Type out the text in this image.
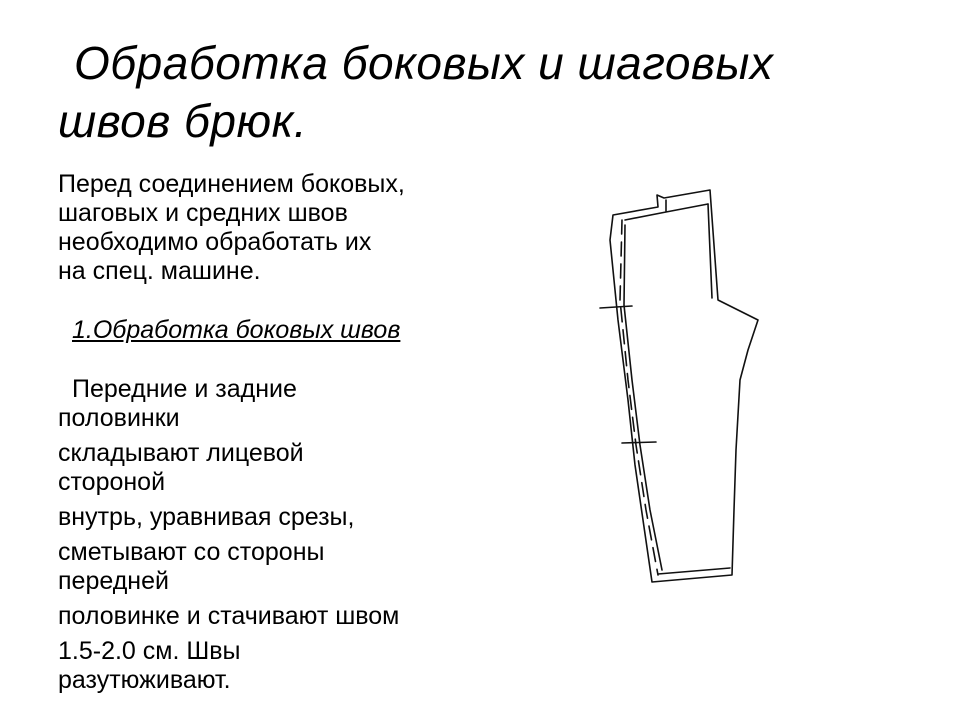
Обработка боковых и шаговых
швов брюк.

Перед соединением боковых,
шаговых и средних швов
необходимо обработать их
на спец. машине.

1.Обработка боковых швов

Передние и задние
половинки

складывают лицевой
стороной

внутрь, уравнивая срезы,

сметывают со стороны
передней

половинке и стачивают швом

1.5-2.0 см. Швы
разутюживают.
